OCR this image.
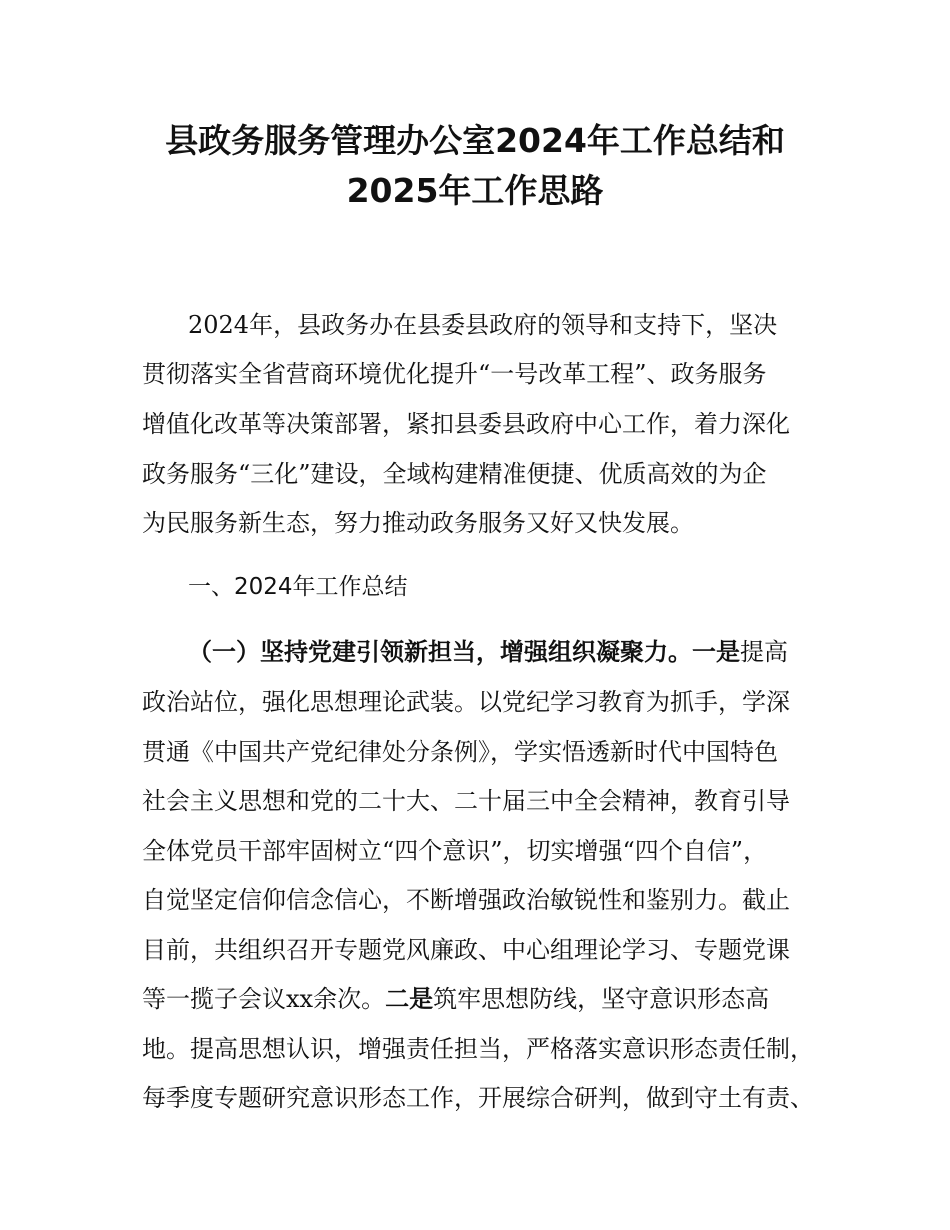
县政务服务管理办公室2024年工作总结和
2025年工作思路

2024年，县政务办在县委县政府的领导和支持下，坚决

贯彻落实全省营商环境优化提升“一号改革工程”、政务服务

增值化改革等决策部署，紧扣县委县政府中心工作，着力深化

政务服务“三化”建设，全域构建精准便捷、优质高效的为企

为民服务新生态，努力推动政务服务又好又快发展。

一、2024年工作总结

（一）坚持党建引领新担当，增强组织凝聚力。一是提高

政治站位，强化思想理论武装。以党纪学习教育为抓手，学深

贯通《中国共产党纪律处分条例》，学实悟透新时代中国特色

社会主义思想和党的二十大、二十届三中全会精神，教育引导

全体党员干部牢固树立“四个意识”，切实增强“四个自信”，

自觉坚定信仰信念信心，不断增强政治敏锐性和鉴别力。截止

目前，共组织召开专题党风廉政、中心组理论学习、专题党课

等一揽子会议xx余次。二是筑牢思想防线，坚守意识形态高

地。提高思想认识，增强责任担当，严格落实意识形态责任制，

每季度专题研究意识形态工作，开展综合研判，做到守土有责、
